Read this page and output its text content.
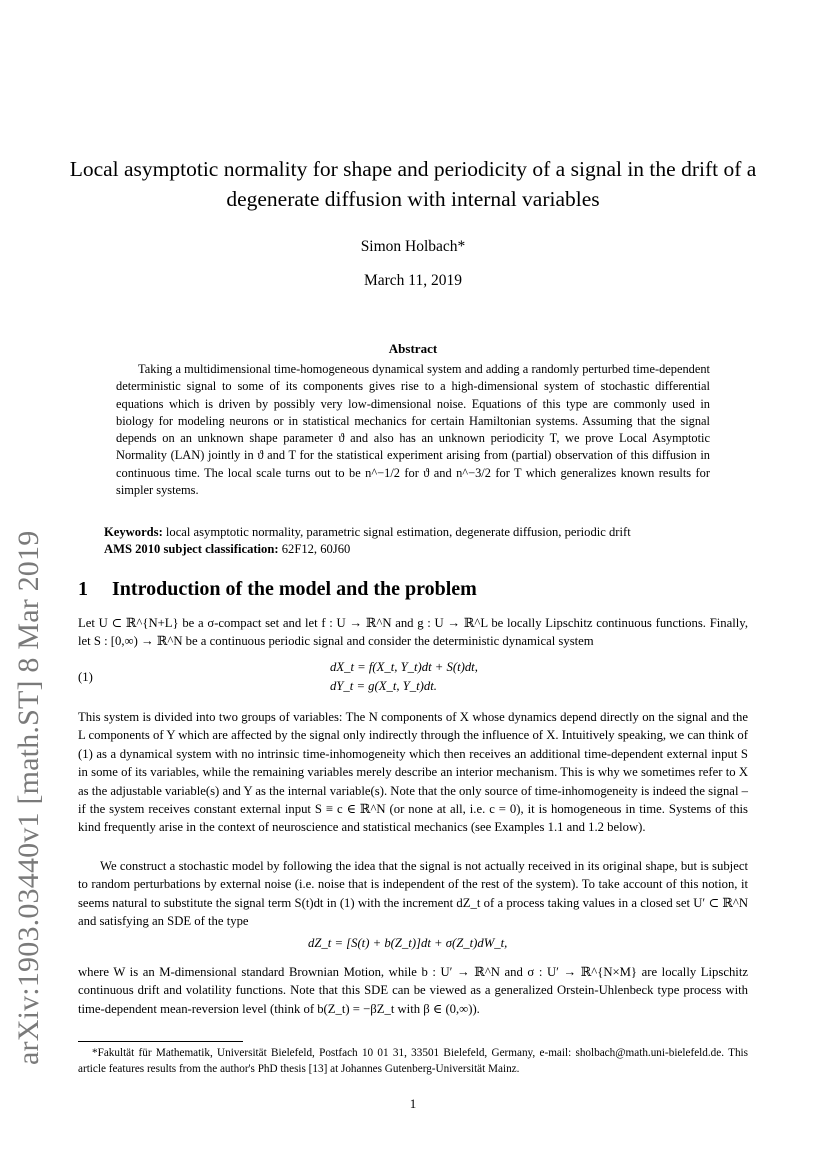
arXiv:1903.03440v1 [math.ST] 8 Mar 2019
Local asymptotic normality for shape and periodicity of a signal in the drift of a degenerate diffusion with internal variables
Simon Holbach*
March 11, 2019
Abstract
Taking a multidimensional time-homogeneous dynamical system and adding a randomly perturbed time-dependent deterministic signal to some of its components gives rise to a high-dimensional system of stochastic differential equations which is driven by possibly very low-dimensional noise. Equations of this type are commonly used in biology for modeling neurons or in statistical mechanics for certain Hamiltonian systems. Assuming that the signal depends on an unknown shape parameter ϑ and also has an unknown periodicity T, we prove Local Asymptotic Normality (LAN) jointly in ϑ and T for the statistical experiment arising from (partial) observation of this diffusion in continuous time. The local scale turns out to be n^−1/2 for ϑ and n^−3/2 for T which generalizes known results for simpler systems.
Keywords: local asymptotic normality, parametric signal estimation, degenerate diffusion, periodic drift
AMS 2010 subject classification: 62F12, 60J60
1 Introduction of the model and the problem
Let U ⊂ ℝ^{N+L} be a σ-compact set and let f : U → ℝ^N and g : U → ℝ^L be locally Lipschitz continuous functions. Finally, let S : [0,∞) → ℝ^N be a continuous periodic signal and consider the deterministic dynamical system
(1)
dX_t = f(X_t, Y_t)dt + S(t)dt,
dY_t = g(X_t, Y_t)dt.
This system is divided into two groups of variables: The N components of X whose dynamics depend directly on the signal and the L components of Y which are affected by the signal only indirectly through the influence of X. Intuitively speaking, we can think of (1) as a dynamical system with no intrinsic time-inhomogeneity which then receives an additional time-dependent external input S in some of its variables, while the remaining variables merely describe an interior mechanism. This is why we sometimes refer to X as the adjustable variable(s) and Y as the internal variable(s). Note that the only source of time-inhomogeneity is indeed the signal – if the system receives constant external input S ≡ c ∈ ℝ^N (or none at all, i.e. c = 0), it is homogeneous in time. Systems of this kind frequently arise in the context of neuroscience and statistical mechanics (see Examples 1.1 and 1.2 below).
We construct a stochastic model by following the idea that the signal is not actually received in its original shape, but is subject to random perturbations by external noise (i.e. noise that is independent of the rest of the system). To take account of this notion, it seems natural to substitute the signal term S(t)dt in (1) with the increment dZ_t of a process taking values in a closed set U′ ⊂ ℝ^N and satisfying an SDE of the type
dZ_t = [S(t) + b(Z_t)]dt + σ(Z_t)dW_t,
where W is an M-dimensional standard Brownian Motion, while b : U′ → ℝ^N and σ : U′ → ℝ^{N×M} are locally Lipschitz continuous drift and volatility functions. Note that this SDE can be viewed as a generalized Orstein-Uhlenbeck type process with time-dependent mean-reversion level (think of b(Z_t) = −βZ_t with β ∈ (0,∞)).
*Fakultät für Mathematik, Universität Bielefeld, Postfach 10 01 31, 33501 Bielefeld, Germany, e-mail: sholbach@math.uni-bielefeld.de. This article features results from the author's PhD thesis [13] at Johannes Gutenberg-Universität Mainz.
1
